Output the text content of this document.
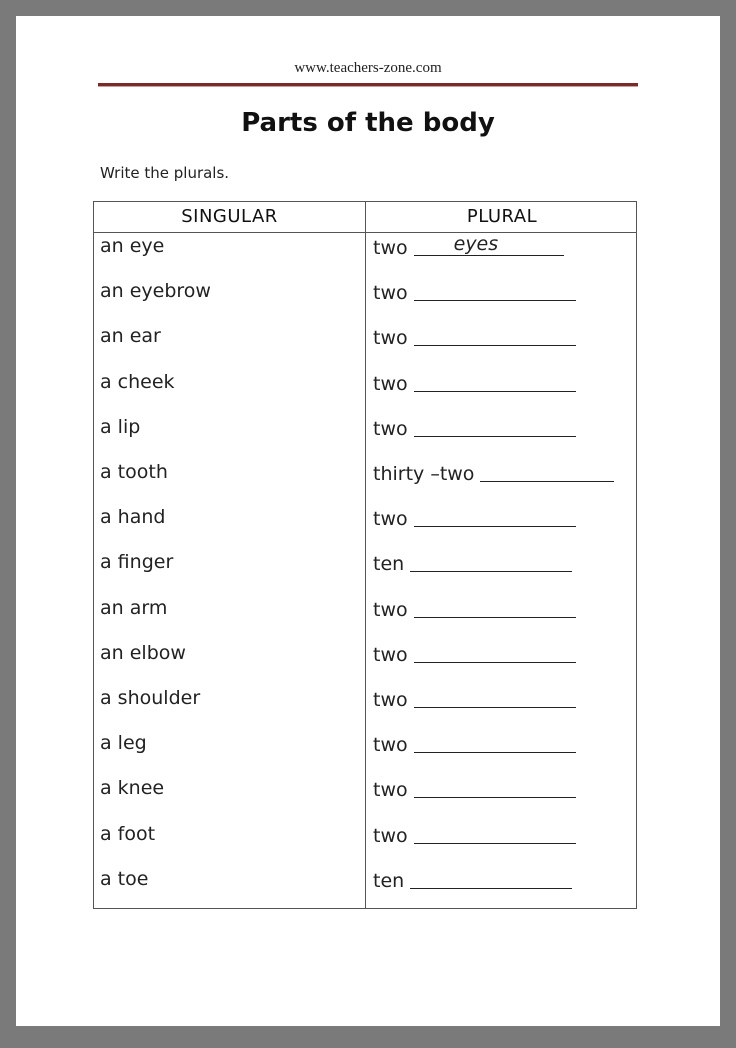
www.teachers-zone.com
Parts of the body
Write the plurals.
SINGULAR	PLURAL
an eye	two eyes
an eyebrow	two
an ear	two
a cheek	two
a lip	two
a tooth	thirty –two
a hand	two
a finger	ten
an arm	two
an elbow	two
a shoulder	two
a leg	two
a knee	two
a foot	two
a toe	ten
